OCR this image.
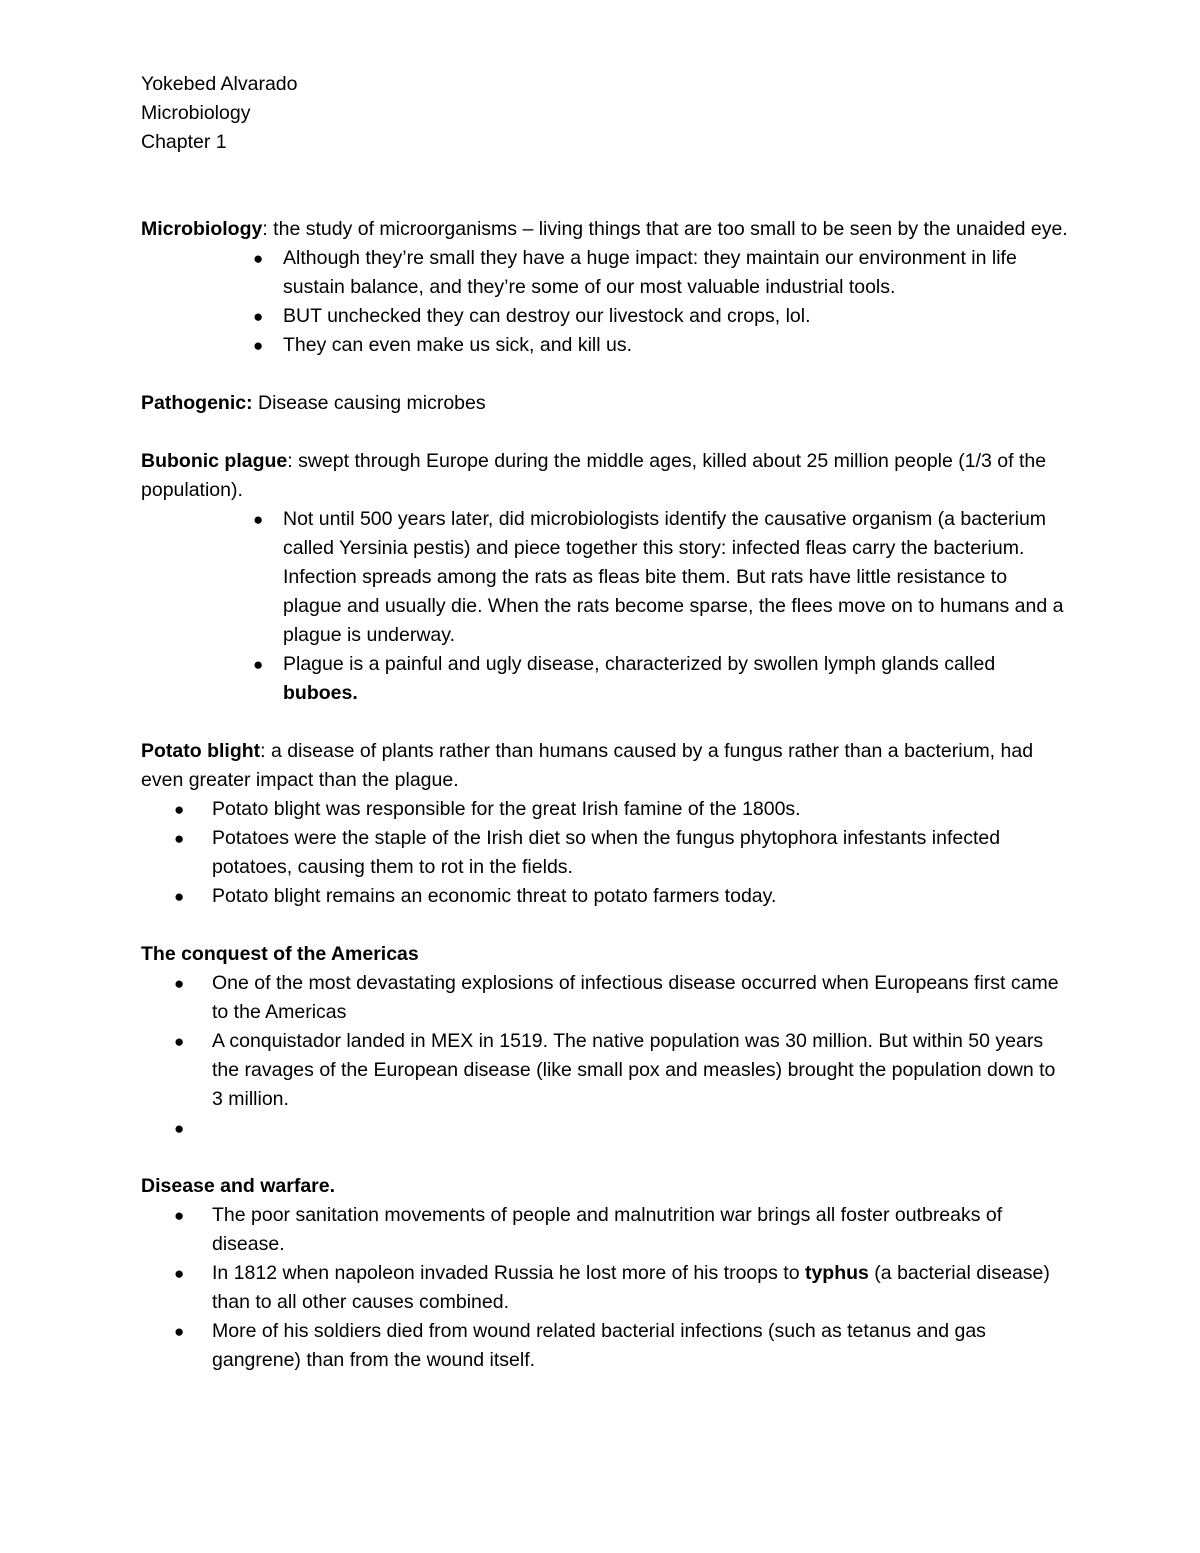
Yokebed Alvarado

Microbiology

Chapter 1

Microbiology: the study of microorganisms – living things that are too small to be seen by the unaided eye.

● Although they’re small they have a huge impact: they maintain our environment in life sustain balance, and they’re some of our most valuable industrial tools.
● BUT unchecked they can destroy our livestock and crops, lol.
● They can even make us sick, and kill us.

Pathogenic: Disease causing microbes

Bubonic plague: swept through Europe during the middle ages, killed about 25 million people (1/3 of the population).

● Not until 500 years later, did microbiologists identify the causative organism (a bacterium called Yersinia pestis) and piece together this story: infected fleas carry the bacterium. Infection spreads among the rats as fleas bite them. But rats have little resistance to plague and usually die. When the rats become sparse, the flees move on to humans and a plague is underway.
● Plague is a painful and ugly disease, characterized by swollen lymph glands called buboes.

Potato blight: a disease of plants rather than humans caused by a fungus rather than a bacterium, had even greater impact than the plague.

● Potato blight was responsible for the great Irish famine of the 1800s.
● Potatoes were the staple of the Irish diet so when the fungus phytophora infestants infected potatoes, causing them to rot in the fields.
● Potato blight remains an economic threat to potato farmers today.

The conquest of the Americas

● One of the most devastating explosions of infectious disease occurred when Europeans first came to the Americas
● A conquistador landed in MEX in 1519. The native population was 30 million. But within 50 years the ravages of the European disease (like small pox and measles) brought the population down to 3 million.
●

Disease and warfare.

● The poor sanitation movements of people and malnutrition war brings all foster outbreaks of disease.
● In 1812 when napoleon invaded Russia he lost more of his troops to typhus (a bacterial disease) than to all other causes combined.
● More of his soldiers died from wound related bacterial infections (such as tetanus and gas gangrene) than from the wound itself.
